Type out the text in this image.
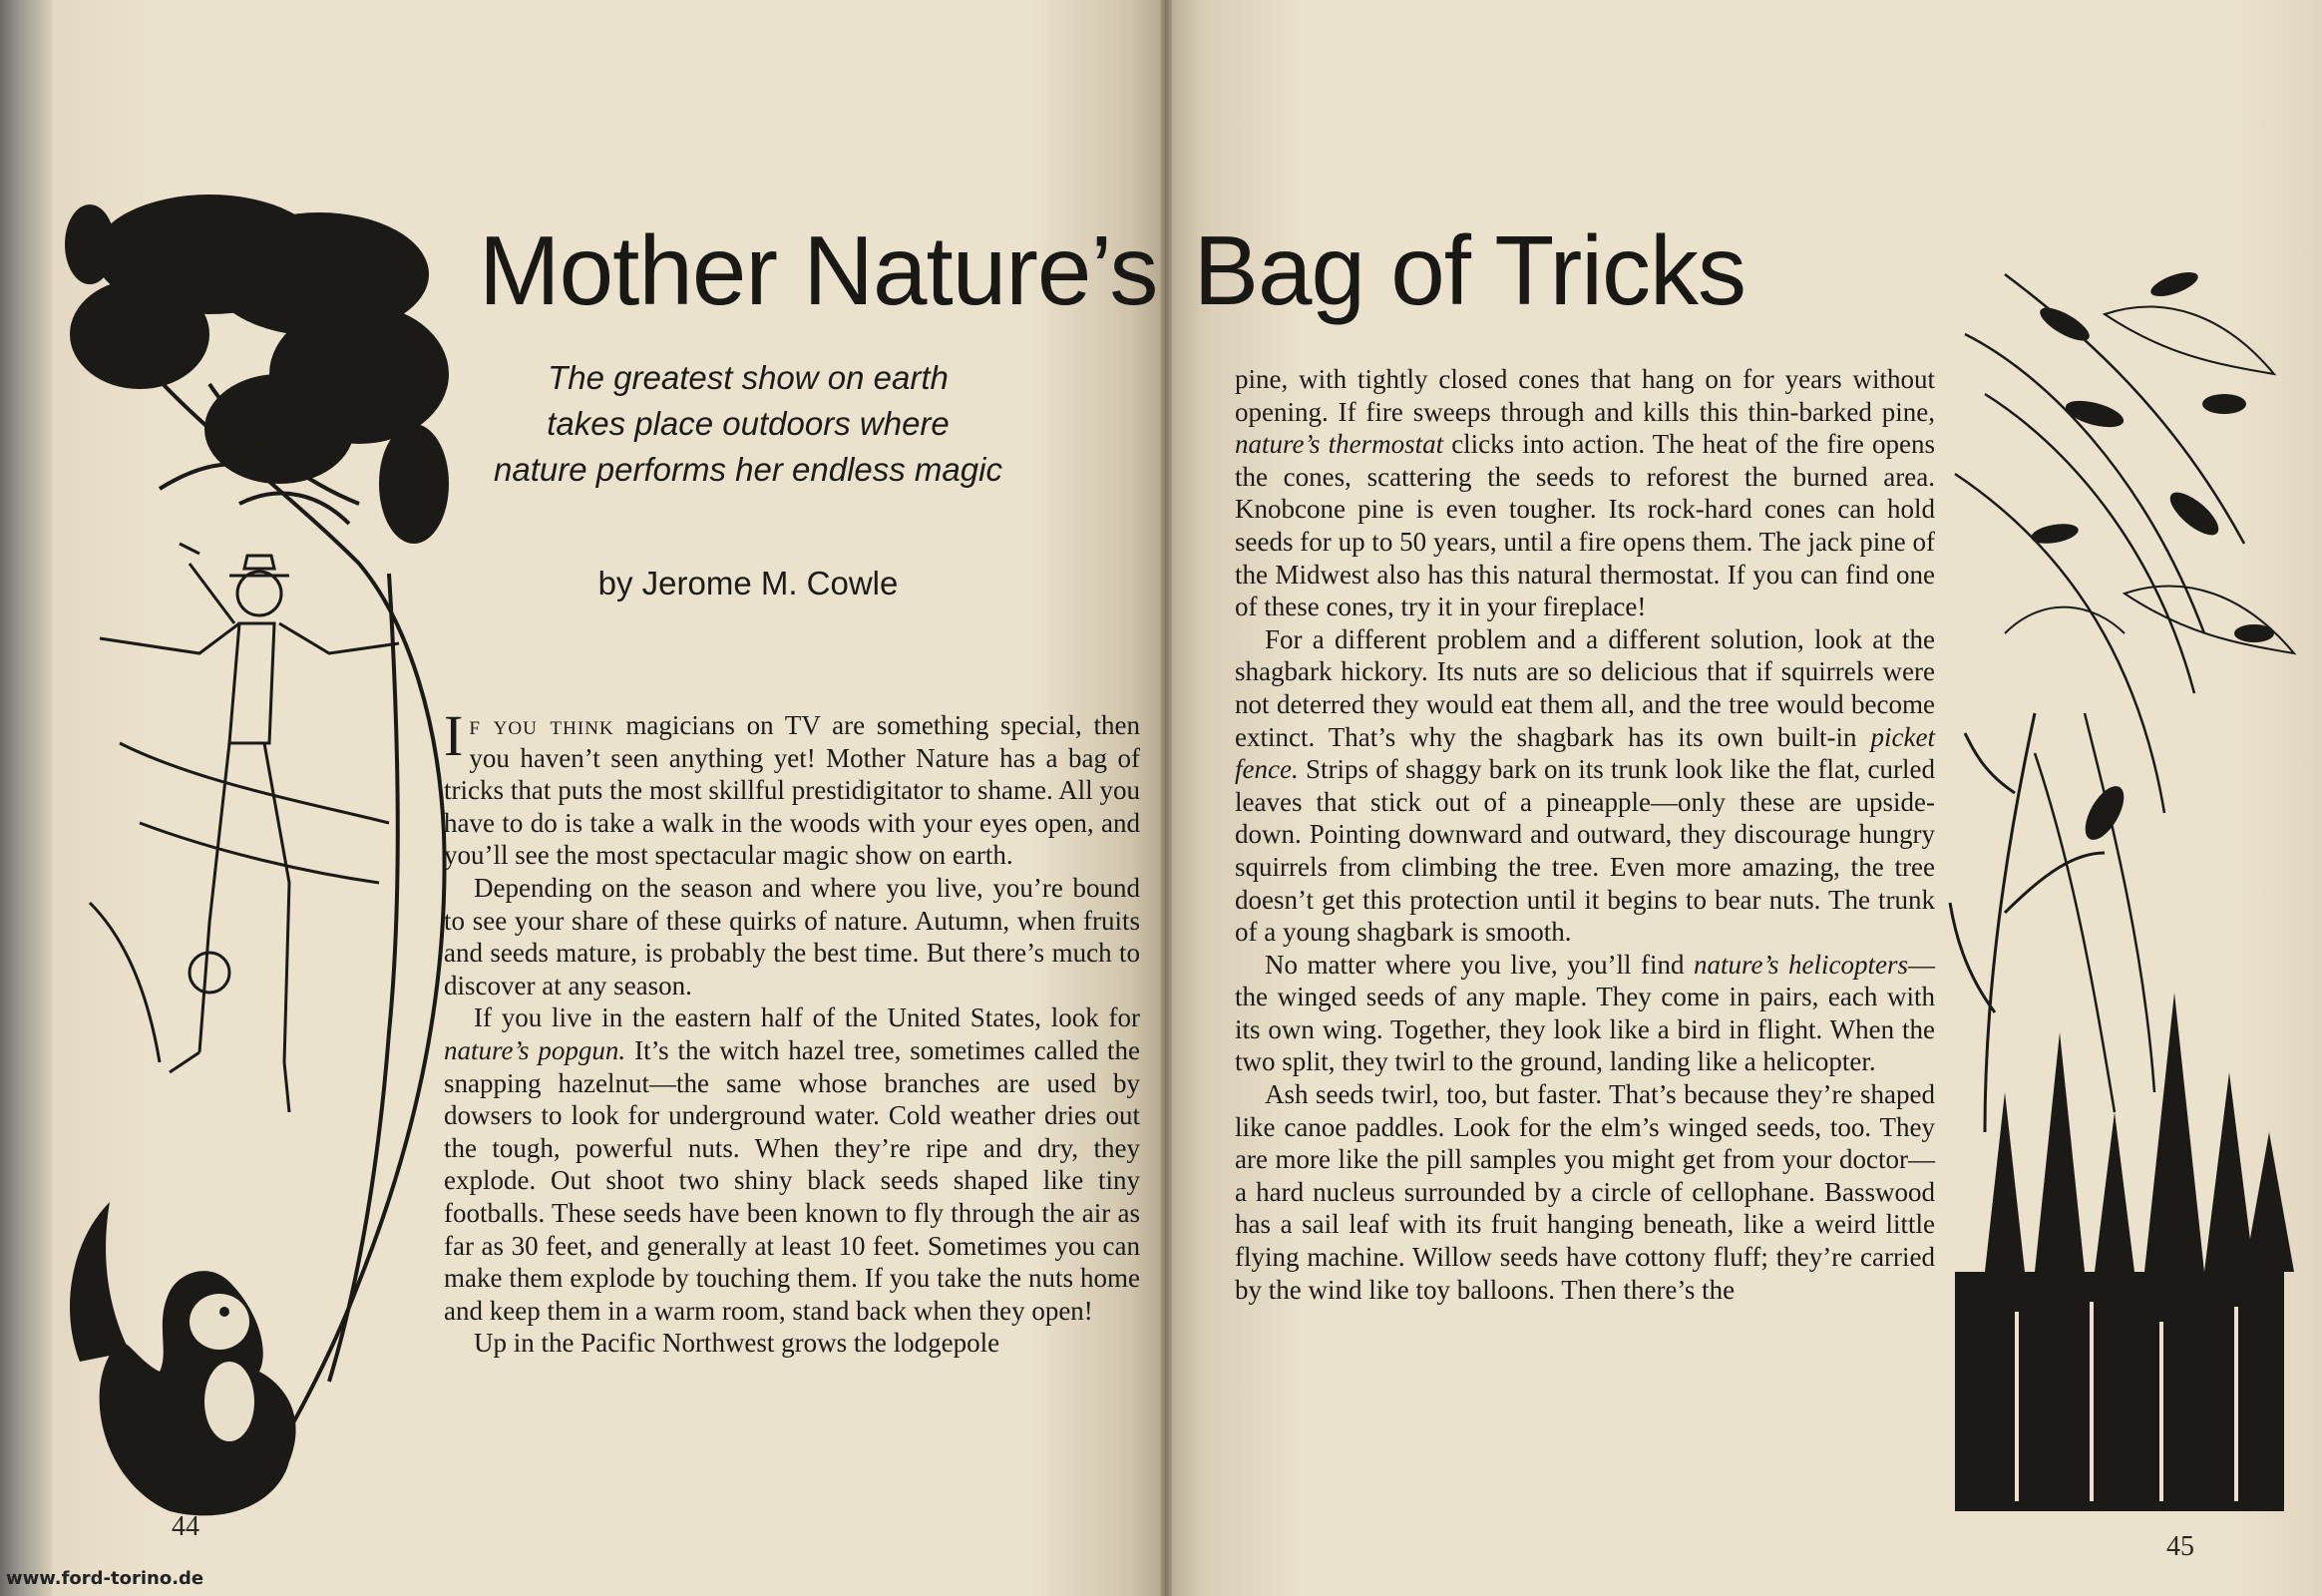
Mother Nature’s Bag of Tricks
The greatest show on earth
takes place outdoors where
nature performs her endless magic
by Jerome M. Cowle

If you think magicians on TV are something special, then you haven’t seen anything yet! Mother Nature has a bag of tricks that puts the most skillful prestidigitator to shame. All you have to do is take a walk in the woods with your eyes open, and you’ll see the most spectacular magic show on earth.

Depending on the season and where you live, you’re bound to see your share of these quirks of nature. Autumn, when fruits and seeds mature, is probably the best time. But there’s much to discover at any season.

If you live in the eastern half of the United States, look for nature’s popgun. It’s the witch hazel tree, sometimes called the snapping hazelnut—the same whose branches are used by dowsers to look for underground water. Cold weather dries out the tough, powerful nuts. When they’re ripe and dry, they explode. Out shoot two shiny black seeds shaped like tiny footballs. These seeds have been known to fly through the air as far as 30 feet, and generally at least 10 feet. Sometimes you can make them explode by touching them. If you take the nuts home and keep them in a warm room, stand back when they open!

Up in the Pacific Northwest grows the lodgepole

pine, with tightly closed cones that hang on for years without opening. If fire sweeps through and kills this thin-barked pine, nature’s thermostat clicks into action. The heat of the fire opens the cones, scattering the seeds to reforest the burned area. Knobcone pine is even tougher. Its rock-hard cones can hold seeds for up to 50 years, until a fire opens them. The jack pine of the Midwest also has this natural thermostat. If you can find one of these cones, try it in your fireplace!

For a different problem and a different solution, look at the shagbark hickory. Its nuts are so delicious that if squirrels were not deterred they would eat them all, and the tree would become extinct. That’s why the shagbark has its own built-in picket fence. Strips of shaggy bark on its trunk look like the flat, curled leaves that stick out of a pineapple—only these are upside-down. Pointing downward and outward, they discourage hungry squirrels from climbing the tree. Even more amazing, the tree doesn’t get this protection until it begins to bear nuts. The trunk of a young shagbark is smooth.

No matter where you live, you’ll find nature’s helicopters—the winged seeds of any maple. They come in pairs, each with its own wing. Together, they look like a bird in flight. When the two split, they twirl to the ground, landing like a helicopter.

Ash seeds twirl, too, but faster. That’s because they’re shaped like canoe paddles. Look for the elm’s winged seeds, too. They are more like the pill samples you might get from your doctor—a hard nucleus surrounded by a circle of cellophane. Basswood has a sail leaf with its fruit hanging beneath, like a weird little flying machine. Willow seeds have cottony fluff; they’re carried by the wind like toy balloons. Then there’s the

44
45
www.ford-torino.de
